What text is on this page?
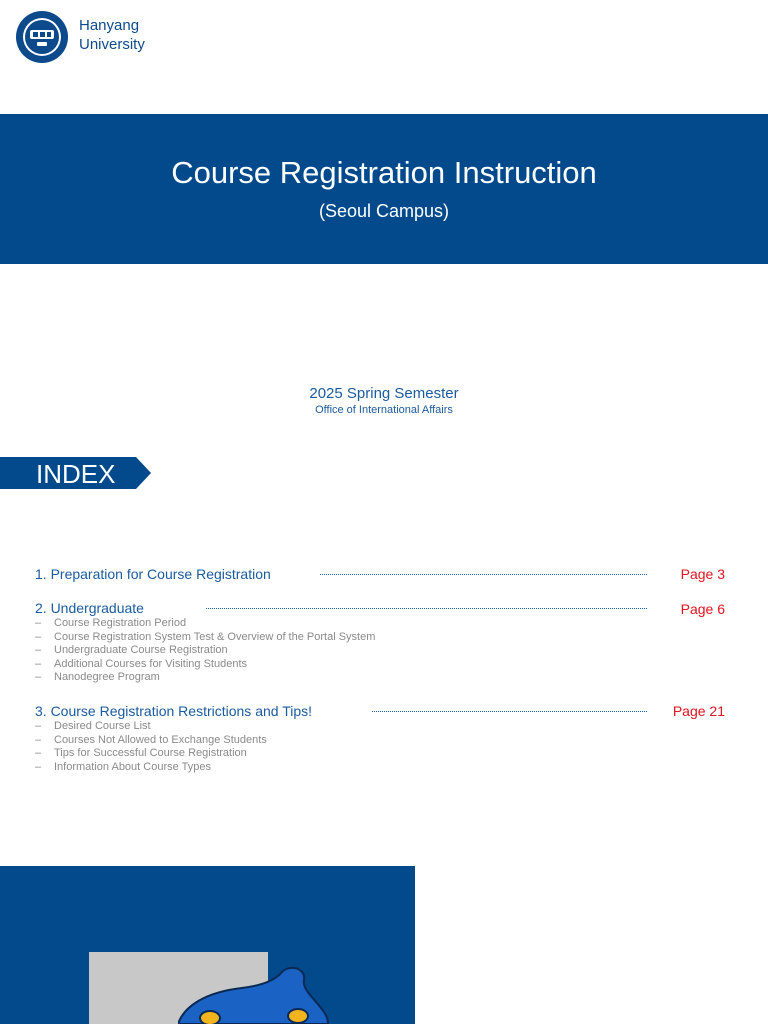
Hanyang
University
Course Registration Instruction
(Seoul Campus)
2025 Spring Semester
Office of International Affairs
INDEX
1. Preparation for Course Registration	Page 3
2. Undergraduate	Page 6
– Course Registration Period
– Course Registration System Test & Overview of the Portal System
– Undergraduate Course Registration
– Additional Courses for Visiting Students
– Nanodegree Program
3. Course Registration Restrictions and Tips!	Page 21
– Desired Course List
– Courses Not Allowed to Exchange Students
– Tips for Successful Course Registration
– Information About Course Types
